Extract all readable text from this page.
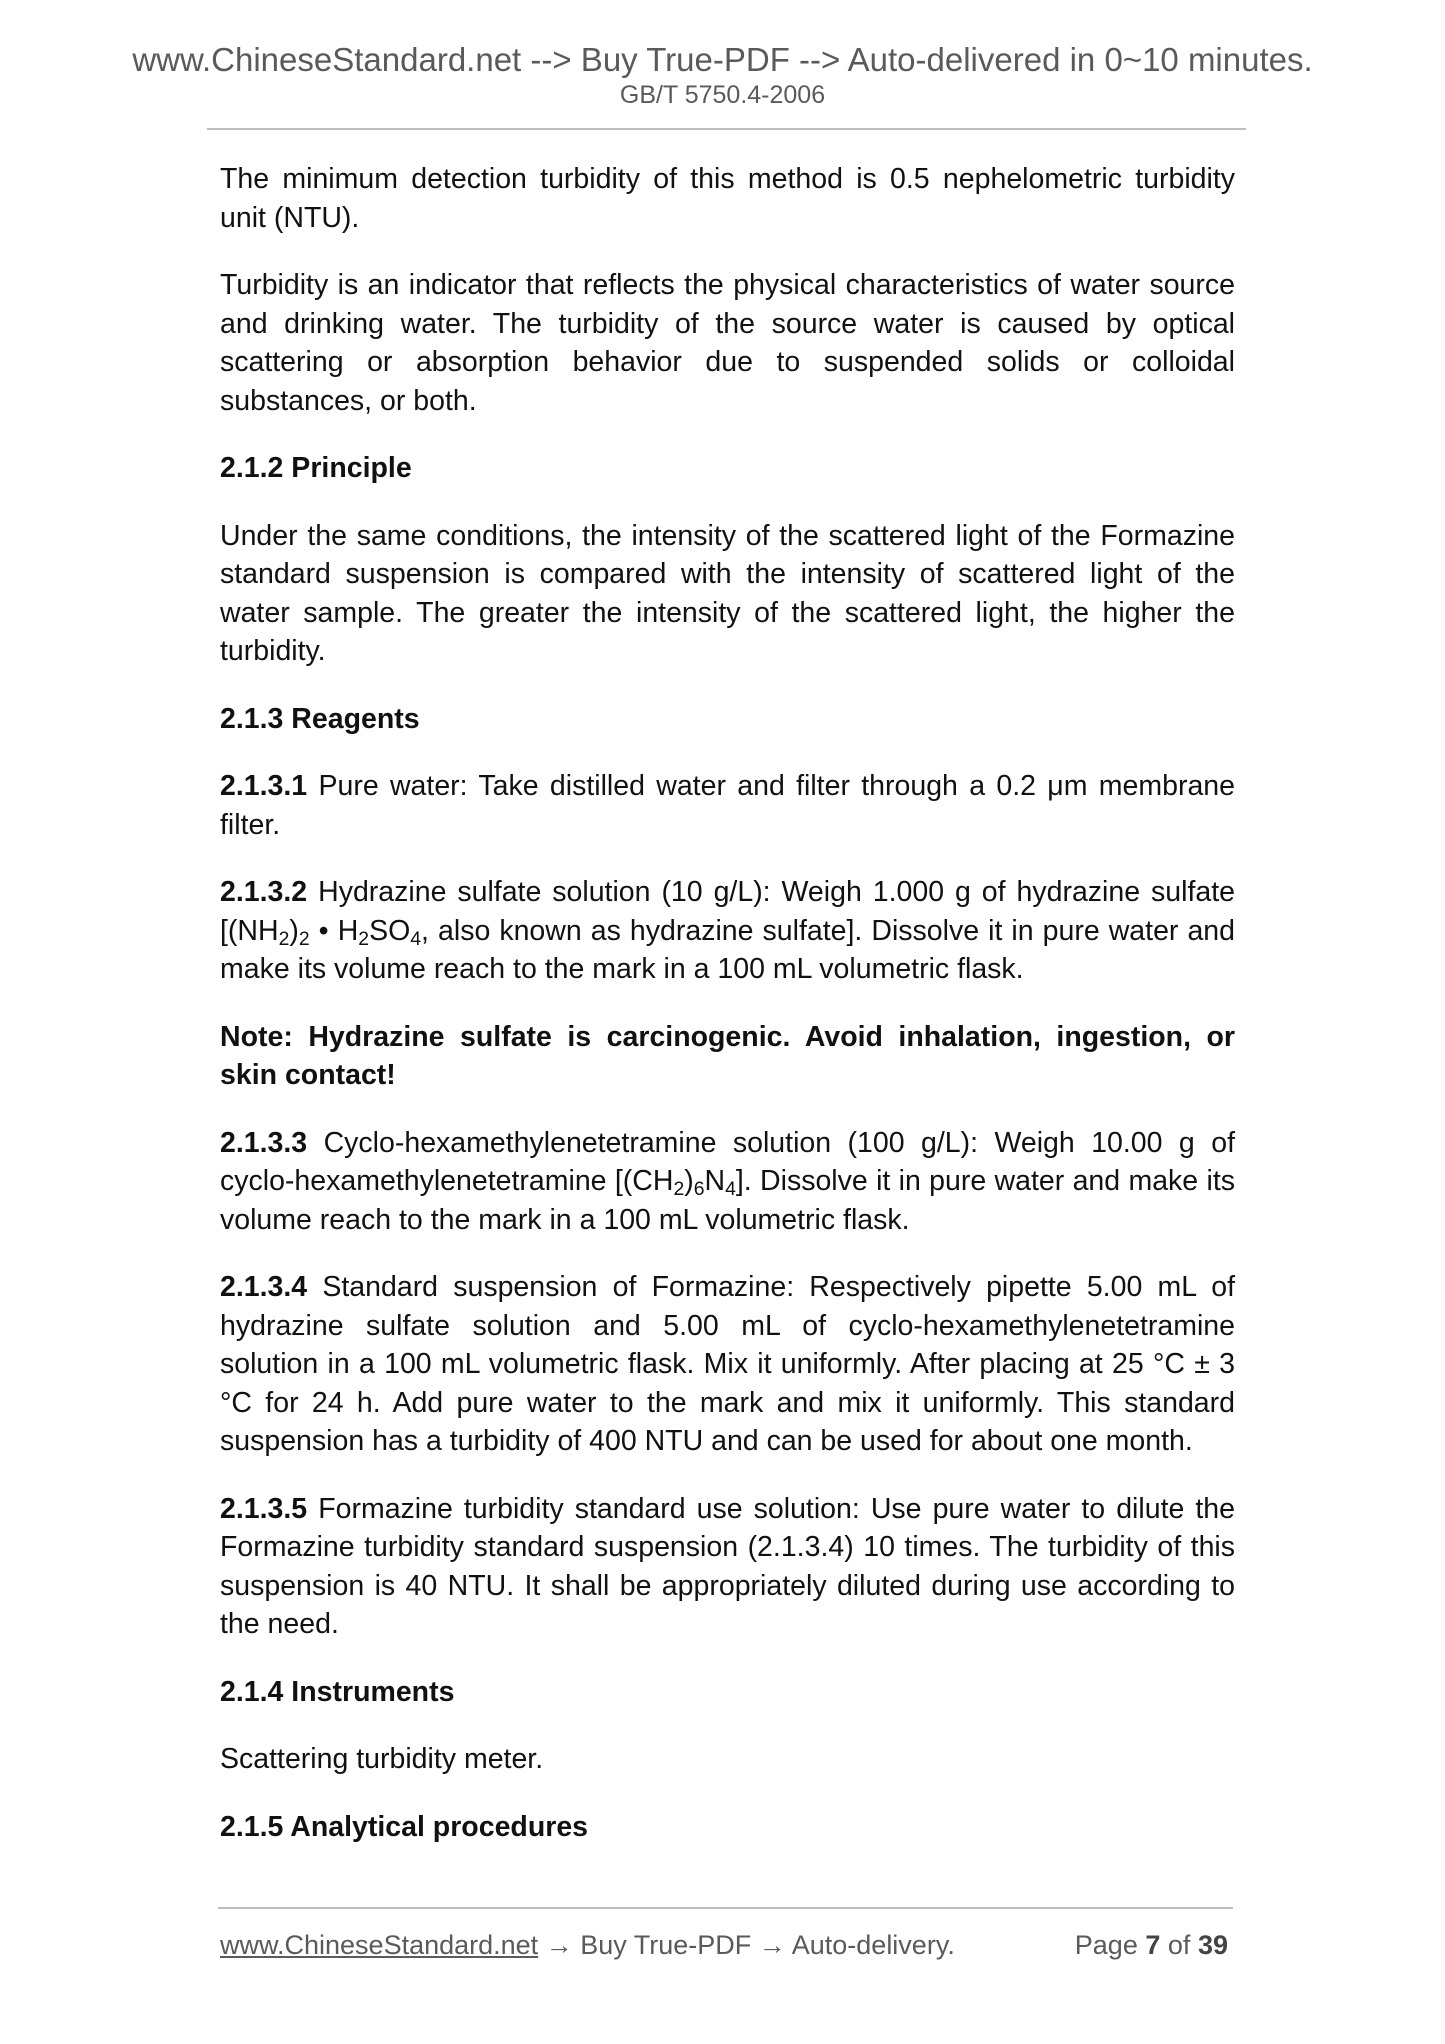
www.ChineseStandard.net --> Buy True-PDF --> Auto-delivered in 0~10 minutes.
GB/T 5750.4-2006

The minimum detection turbidity of this method is 0.5 nephelometric turbidity unit (NTU).

Turbidity is an indicator that reflects the physical characteristics of water source and drinking water. The turbidity of the source water is caused by optical scattering or absorption behavior due to suspended solids or colloidal substances, or both.

2.1.2 Principle

Under the same conditions, the intensity of the scattered light of the Formazine standard suspension is compared with the intensity of scattered light of the water sample. The greater the intensity of the scattered light, the higher the turbidity.

2.1.3 Reagents

2.1.3.1 Pure water: Take distilled water and filter through a 0.2 μm membrane filter.

2.1.3.2 Hydrazine sulfate solution (10 g/L): Weigh 1.000 g of hydrazine sulfate [$(NH_2)_2$ • $H_2SO_4$, also known as hydrazine sulfate]. Dissolve it in pure water and make its volume reach to the mark in a 100 mL volumetric flask.

Note: Hydrazine sulfate is carcinogenic. Avoid inhalation, ingestion, or skin contact!

2.1.3.3 Cyclo-hexamethylenetetramine solution (100 g/L): Weigh 10.00 g of cyclo-hexamethylenetetramine $[(CH_2)_6N_4]$. Dissolve it in pure water and make its volume reach to the mark in a 100 mL volumetric flask.

2.1.3.4 Standard suspension of Formazine: Respectively pipette 5.00 mL of hydrazine sulfate solution and 5.00 mL of cyclo-hexamethylenetetramine solution in a 100 mL volumetric flask. Mix it uniformly. After placing at 25 °C ± 3 °C for 24 h. Add pure water to the mark and mix it uniformly. This standard suspension has a turbidity of 400 NTU and can be used for about one month.

2.1.3.5 Formazine turbidity standard use solution: Use pure water to dilute the Formazine turbidity standard suspension (2.1.3.4) 10 times. The turbidity of this suspension is 40 NTU. It shall be appropriately diluted during use according to the need.

2.1.4 Instruments

Scattering turbidity meter.

2.1.5 Analytical procedures
www.ChineseStandard.net → Buy True-PDF → Auto-delivery.	Page 7 of 39
